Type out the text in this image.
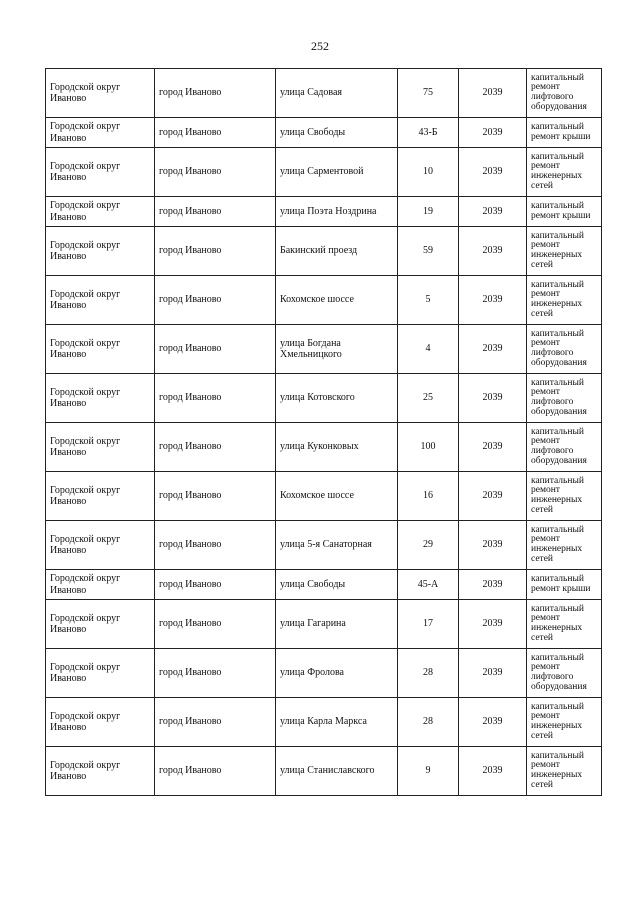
252
Городской округ Иваново	город Иваново	улица Садовая	75	2039	капитальный ремонт лифтового оборудования
Городской округ Иваново	город Иваново	улица Свободы	43-Б	2039	капитальный ремонт крыши
Городской округ Иваново	город Иваново	улица Сарментовой	10	2039	капитальный ремонт инженерных сетей
Городской округ Иваново	город Иваново	улица Поэта Ноздрина	19	2039	капитальный ремонт крыши
Городской округ Иваново	город Иваново	Бакинский проезд	59	2039	капитальный ремонт инженерных сетей
Городской округ Иваново	город Иваново	Кохомское шоссе	5	2039	капитальный ремонт инженерных сетей
Городской округ Иваново	город Иваново	улица Богдана Хмельницкого	4	2039	капитальный ремонт лифтового оборудования
Городской округ Иваново	город Иваново	улица Котовского	25	2039	капитальный ремонт лифтового оборудования
Городской округ Иваново	город Иваново	улица Куконковых	100	2039	капитальный ремонт лифтового оборудования
Городской округ Иваново	город Иваново	Кохомское шоссе	16	2039	капитальный ремонт инженерных сетей
Городской округ Иваново	город Иваново	улица 5-я Санаторная	29	2039	капитальный ремонт инженерных сетей
Городской округ Иваново	город Иваново	улица Свободы	45-А	2039	капитальный ремонт крыши
Городской округ Иваново	город Иваново	улица Гагарина	17	2039	капитальный ремонт инженерных сетей
Городской округ Иваново	город Иваново	улица Фролова	28	2039	капитальный ремонт лифтового оборудования
Городской округ Иваново	город Иваново	улица Карла Маркса	28	2039	капитальный ремонт инженерных сетей
Городской округ Иваново	город Иваново	улица Станиславского	9	2039	капитальный ремонт инженерных сетей
